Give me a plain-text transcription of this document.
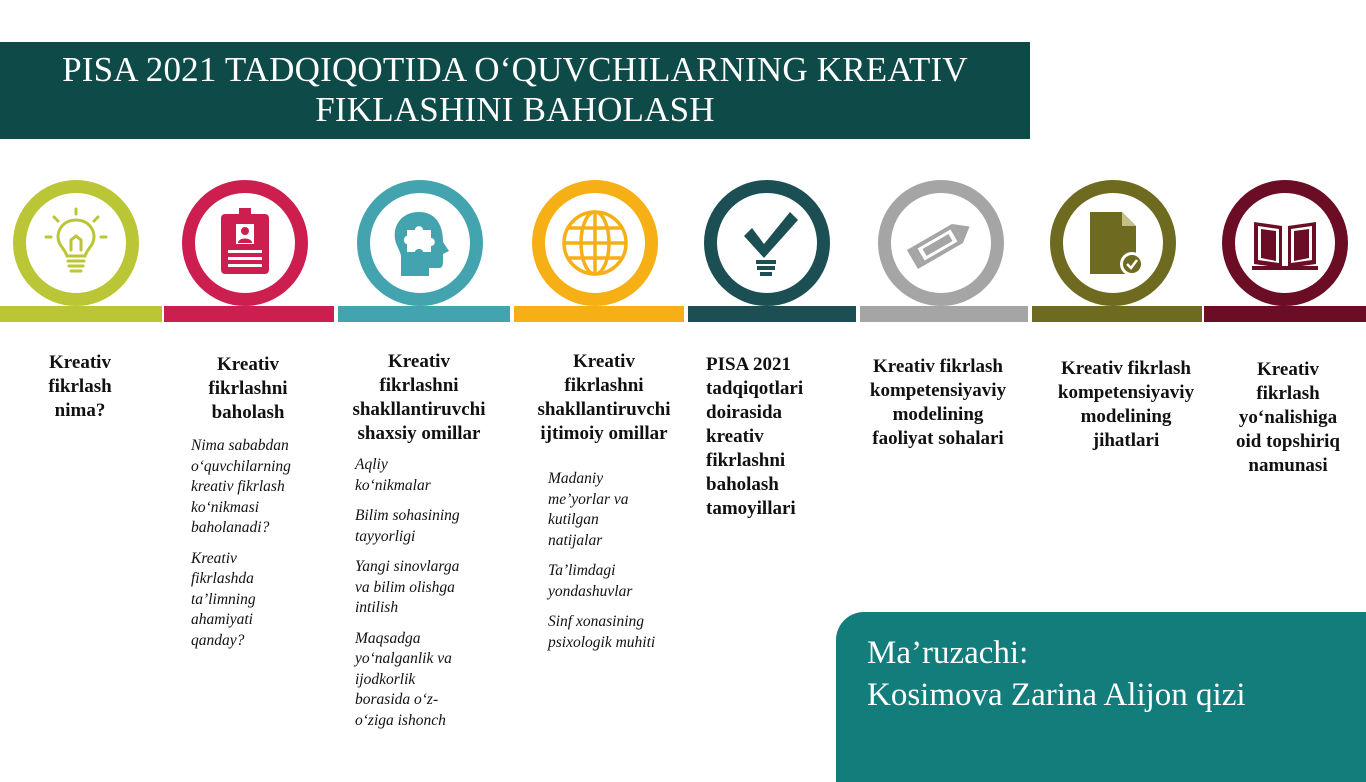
PISA 2021 TADQIQOTIDA O‘QUVCHILARNING KREATIV
FIKLASHINI BAHOLASH
Kreativ
fikrlash
nima?
Kreativ
fikrlashni
baholash
Nima sababdan
o‘quvchilarning
kreativ fikrlash
ko‘nikmasi
baholanadi?
Kreativ
fikrlashda
ta’limning
ahamiyati
qanday?
Kreativ
fikrlashni
shakllantiruvchi
shaxsiy omillar
Aqliy
ko‘nikmalar
Bilim sohasining
tayyorligi
Yangi sinovlarga
va bilim olishga
intilish
Maqsadga
yo‘nalganlik va
ijodkorlik
borasida o‘z-
o‘ziga ishonch
Kreativ
fikrlashni
shakllantiruvchi
ijtimoiy omillar
Madaniy
me’yorlar va
kutilgan
natijalar
Ta’limdagi
yondashuvlar
Sinf xonasining
psixologik muhiti
PISA 2021
tadqiqotlari
doirasida
kreativ
fikrlashni
baholash
tamoyillari
Kreativ fikrlash
kompetensiyaviy
modelining
faoliyat sohalari
Kreativ fikrlash
kompetensiyaviy
modelining
jihatlari
Kreativ
fikrlash
yo‘nalishiga
oid topshiriq
namunasi
Ma’ruzachi:
Kosimova Zarina Alijon qizi
